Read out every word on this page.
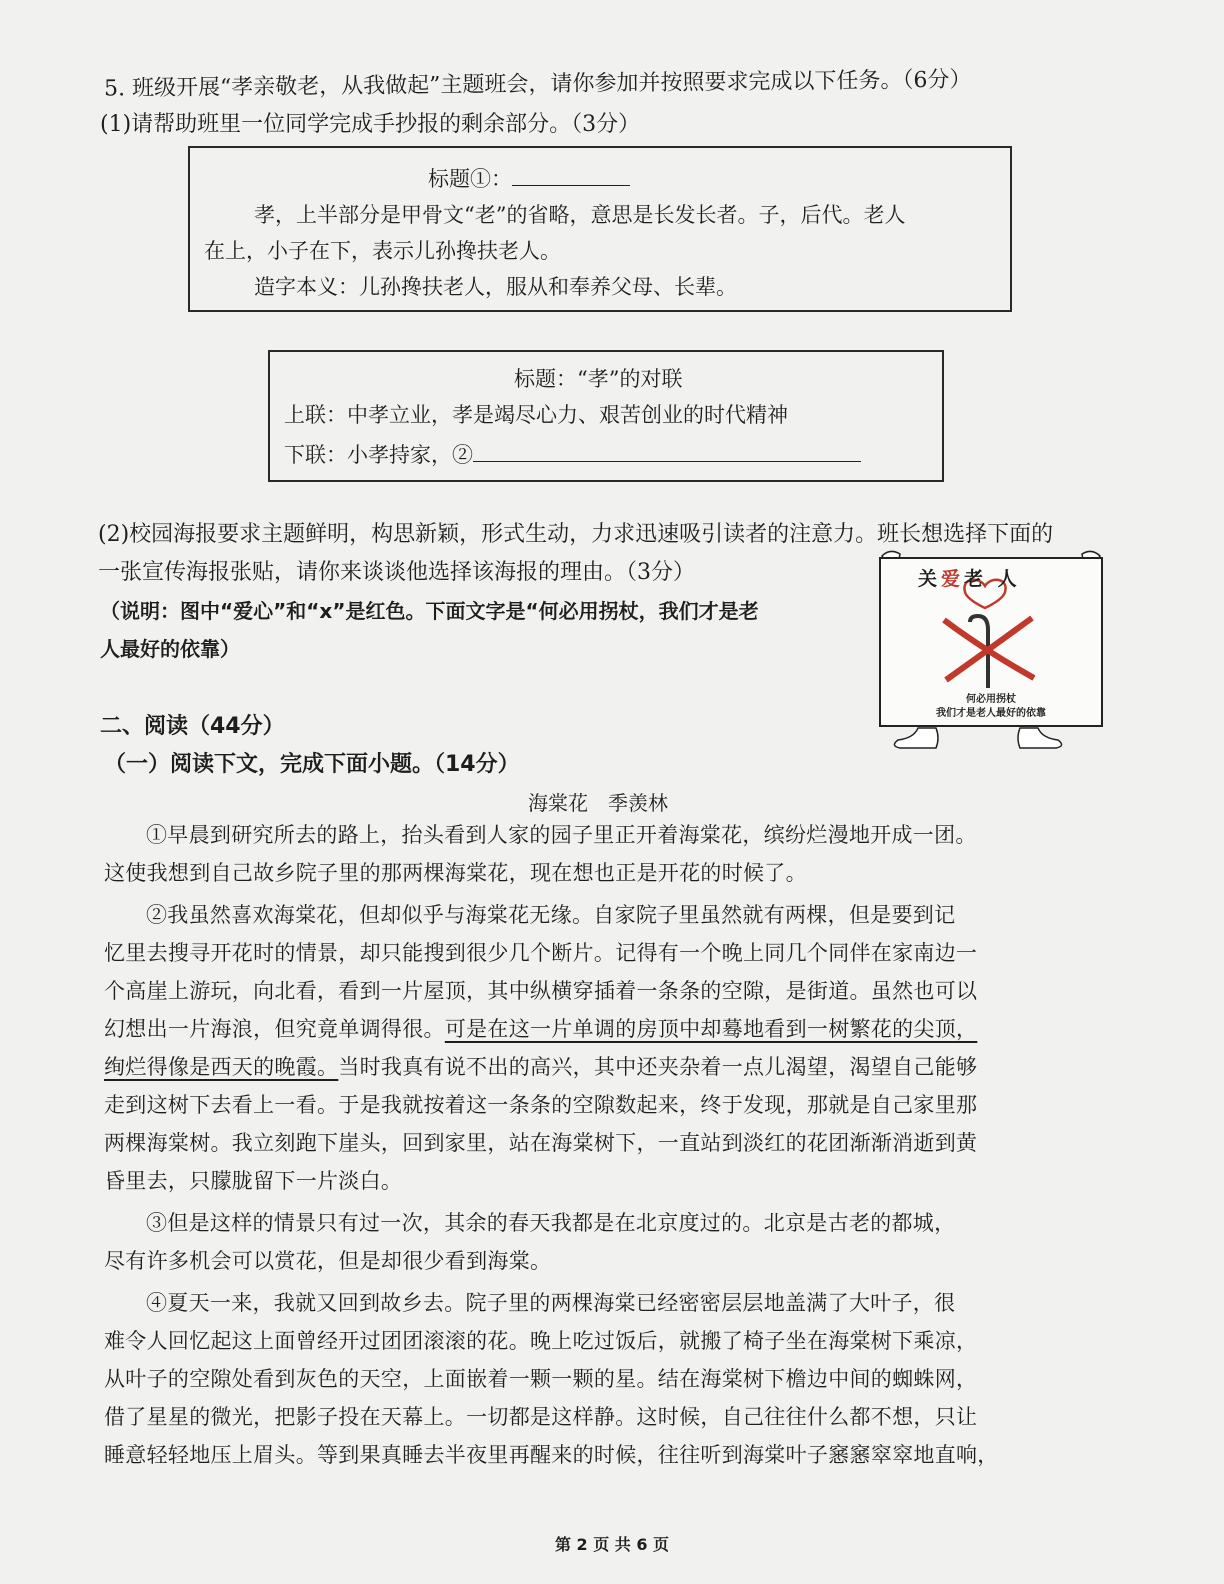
5. 班级开展“孝亲敬老，从我做起”主题班会，请你参加并按照要求完成以下任务。（6分）
(1)请帮助班里一位同学完成手抄报的剩余部分。（3分）
标题①：
孝，上半部分是甲骨文“老”的省略，意思是长发长者。子，后代。老人
在上，小子在下，表示儿孙搀扶老人。
造字本义：儿孙搀扶老人，服从和奉养父母、长辈。
标题：“孝”的对联
上联：中孝立业，孝是竭尽心力、艰苦创业的时代精神
下联：小孝持家，②
(2)校园海报要求主题鲜明，构思新颖，形式生动，力求迅速吸引读者的注意力。班长想选择下面的
一张宣传海报张贴，请你来谈谈他选择该海报的理由。（3分）
（说明：图中“爱心”和“x”是红色。下面文字是“何必用拐杖，我们才是老
人最好的依靠）
关爱老 人
何必用拐杖
我们才是老人最好的依靠
二、阅读（44分）
（一）阅读下文，完成下面小题。（14分）
海棠花　季羡林
①早晨到研究所去的路上，抬头看到人家的园子里正开着海棠花，缤纷烂漫地开成一团。
这使我想到自己故乡院子里的那两棵海棠花，现在想也正是开花的时候了。
②我虽然喜欢海棠花，但却似乎与海棠花无缘。自家院子里虽然就有两棵，但是要到记
忆里去搜寻开花时的情景，却只能搜到很少几个断片。记得有一个晚上同几个同伴在家南边一
个高崖上游玩，向北看，看到一片屋顶，其中纵横穿插着一条条的空隙，是街道。虽然也可以
幻想出一片海浪，但究竟单调得很。可是在这一片单调的房顶中却蓦地看到一树繁花的尖顶，
绚烂得像是西天的晚霞。当时我真有说不出的高兴，其中还夹杂着一点儿渴望，渴望自己能够
走到这树下去看上一看。于是我就按着这一条条的空隙数起来，终于发现，那就是自己家里那
两棵海棠树。我立刻跑下崖头，回到家里，站在海棠树下，一直站到淡红的花团渐渐消逝到黄
昏里去，只朦胧留下一片淡白。
③但是这样的情景只有过一次，其余的春天我都是在北京度过的。北京是古老的都城，
尽有许多机会可以赏花，但是却很少看到海棠。
④夏天一来，我就又回到故乡去。院子里的两棵海棠已经密密层层地盖满了大叶子，很
难令人回忆起这上面曾经开过团团滚滚的花。晚上吃过饭后，就搬了椅子坐在海棠树下乘凉，
从叶子的空隙处看到灰色的天空，上面嵌着一颗一颗的星。结在海棠树下檐边中间的蜘蛛网，
借了星星的微光，把影子投在天幕上。一切都是这样静。这时候，自己往往什么都不想，只让
睡意轻轻地压上眉头。等到果真睡去半夜里再醒来的时候，往往听到海棠叶子窸窸窣窣地直响，
第 2 页 共 6 页
